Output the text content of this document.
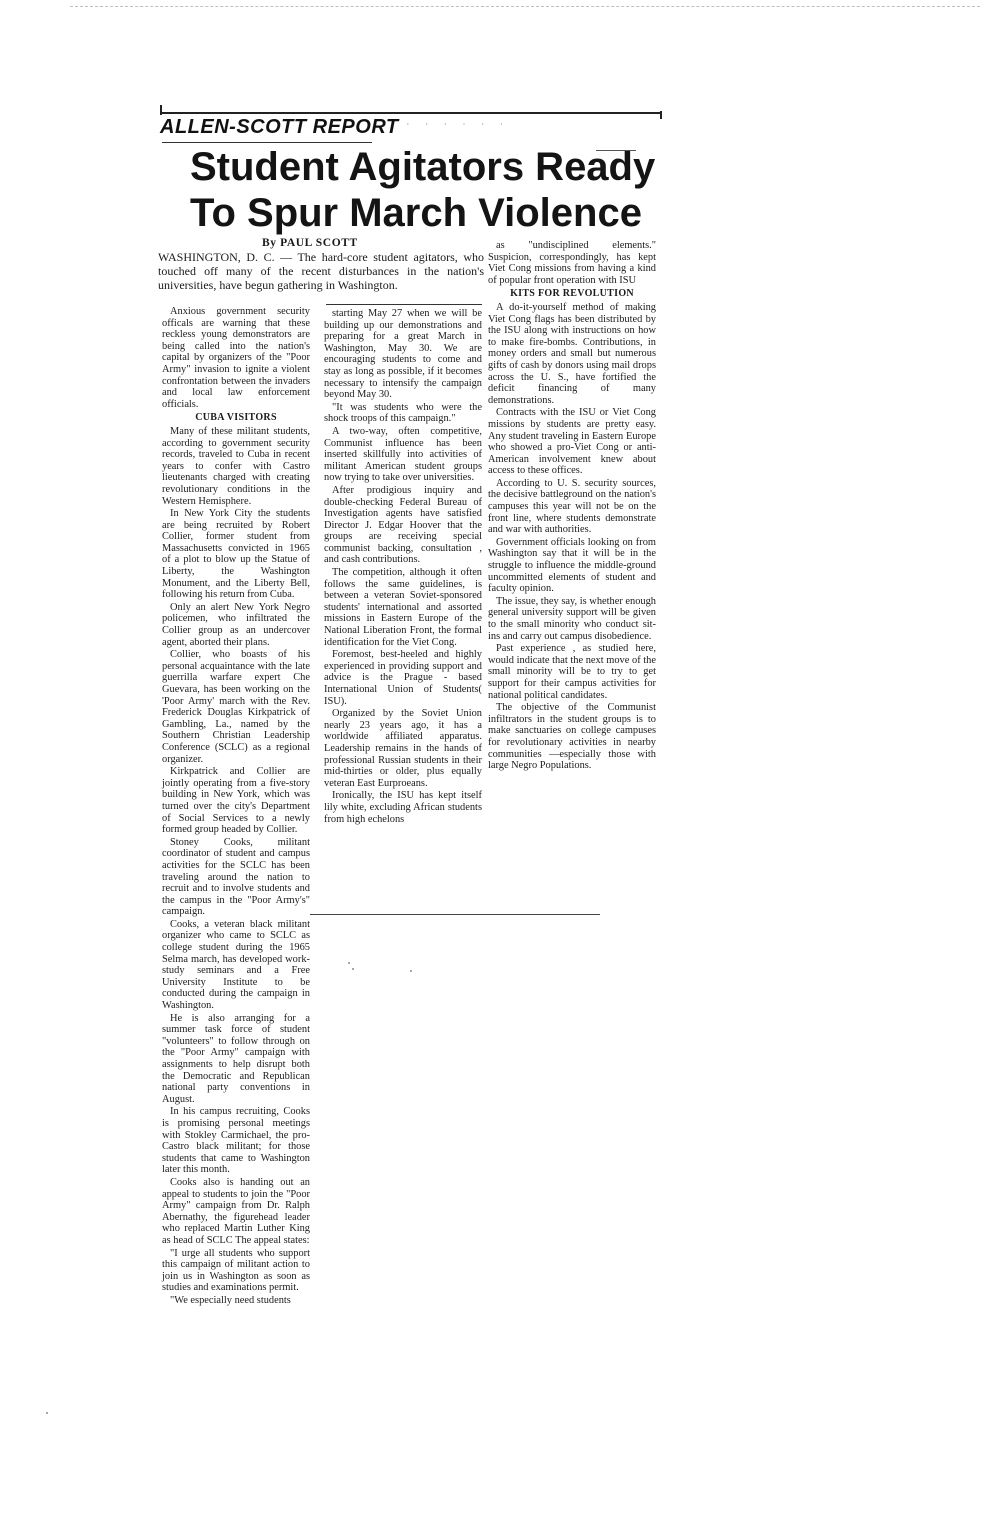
ALLEN-SCOTT REPORT · · · · · ·
Student Agitators Ready
To Spur March Violence
By PAUL SCOTT

WASHINGTON, D. C. — The hard-core student agitators, who touched off many of the recent disturbances in the nation's universities, have begun gathering in Washington.

Anxious government security officals are warning that these reckless young demonstrators are being called into the nation's capital by organizers of the "Poor Army" invasion to ignite a violent confrontation between the invaders and local law enforcement officials.

CUBA VISITORS

Many of these militant students, according to government security records, traveled to Cuba in recent years to confer with Castro lieutenants charged with creating revolutionary conditions in the Western Hemisphere.

In New York City the students are being recruited by Robert Collier, former student from Massachusetts convicted in 1965 of a plot to blow up the Statue of Liberty, the Washington Monument, and the Liberty Bell, following his return from Cuba.

Only an alert New York Negro policemen, who infiltrated the Collier group as an undercover agent, aborted their plans.

Collier, who boasts of his personal acquaintance with the late guerrilla warfare expert Che Guevara, has been working on the 'Poor Army' march with the Rev. Frederick Douglas Kirkpatrick of Gambling, La., named by the Southern Christian Leadership Conference (SCLC) as a regional organizer.

Kirkpatrick and Collier are jointly operating from a five-story building in New York, which was turned over the city's Department of Social Services to a newly formed group headed by Collier.

Stoney Cooks, militant coordinator of student and campus activities for the SCLC has been traveling around the nation to recruit and to involve students and the campus in the "Poor Army's" campaign.

Cooks, a veteran black militant organizer who came to SCLC as college student during the 1965 Selma march, has developed work-study seminars and a Free University Institute to be conducted during the campaign in Washington.

He is also arranging for a summer task force of student "volunteers" to follow through on the "Poor Army" campaign with assignments to help disrupt both the Democratic and Republican national party conventions in August.

In his campus recruiting, Cooks is promising personal meetings with Stokley Carmichael, the pro-Castro black militant; for those students that came to Washington later this month.

Cooks also is handing out an appeal to students to join the "Poor Army" campaign from Dr. Ralph Abernathy, the figurehead leader who replaced Martin Luther King as head of SCLC The appeal states:

"I urge all students who support this campaign of militant action to join us in Washington as soon as studies and examinations permit.

"We especially need students

starting May 27 when we will be building up our demonstrations and preparing for a great March in Washington, May 30. We are encouraging students to come and stay as long as possible, if it becomes necessary to intensify the campaign beyond May 30.

"It was students who were the shock troops of this campaign."

A two-way, often competitive, Communist influence has been inserted skillfully into activities of militant American student groups now trying to take over universities.

After prodigious inquiry and double-checking Federal Bureau of Investigation agents have satisfied Director J. Edgar Hoover that the groups are receiving special communist backing, consultation , and cash contributions.

The competition, although it often follows the same guidelines, is between a veteran Soviet-sponsored students' international and assorted missions in Eastern Europe of the National Liberation Front, the formal identification for the Viet Cong.

Foremost, best-heeled and highly experienced in providing support and advice is the Prague - based International Union of Students( ISU).

Organized by the Soviet Union nearly 23 years ago, it has a worldwide affiliated apparatus. Leadership remains in the hands of professional Russian students in their mid-thirties or older, plus equally veteran East Eurproeans.

Ironically, the ISU has kept itself lily white, excluding African students from high echelons

as "undisciplined elements." Suspicion, correspondingly, has kept Viet Cong missions from having a kind of popular front operation with ISU

KITS FOR REVOLUTION

A do-it-yourself method of making Viet Cong flags has been distributed by the ISU along with instructions on how to make fire-bombs. Contributions, in money orders and small but numerous gifts of cash by donors using mail drops across the U. S., have fortified the deficit financing of many demonstrations.

Contracts with the ISU or Viet Cong missions by students are pretty easy. Any student traveling in Eastern Europe who showed a pro-Viet Cong or anti-American involvement knew about access to these offices.

According to U. S. security sources, the decisive battleground on the nation's campuses this year will not be on the front line, where students demonstrate and war with authorities.

Government officials looking on from Washington say that it will be in the struggle to influence the middle-ground uncommitted elements of student and faculty opinion.

The issue, they say, is whether enough general university support will be given to the small minority who conduct sit-ins and carry out campus disobedience.

Past experience , as studied here, would indicate that the next move of the small minority will be to try to get support for their campus activities for national political candidates.

The objective of the Communist infiltrators in the student groups is to make sanctuaries on college campuses for revolutionary activities in nearby communities —especially those with large Negro Populations.
